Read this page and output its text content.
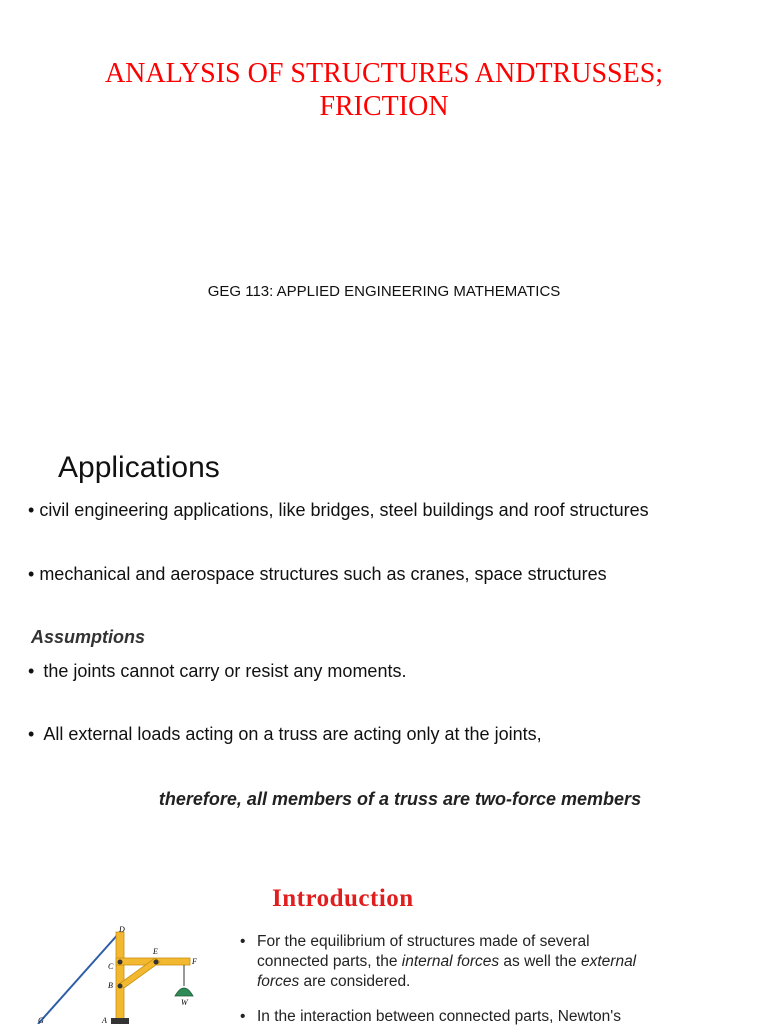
ANALYSIS OF STRUCTURES ANDTRUSSES;
FRICTION
GEG 113: APPLIED ENGINEERING MATHEMATICS
Applications
• civil engineering applications, like bridges, steel buildings and roof structures
• mechanical and aerospace structures such as cranes, space structures
Assumptions
• the joints cannot carry or resist any moments.
• All external loads acting on a truss are acting only at the joints,
therefore, all members of a truss are two-force members
Introduction
• For the equilibrium of structures made of several
connected parts, the internal forces as well the external
forces are considered.
• In the interaction between connected parts, Newton's
D
E
F
C
B
W
G	A
